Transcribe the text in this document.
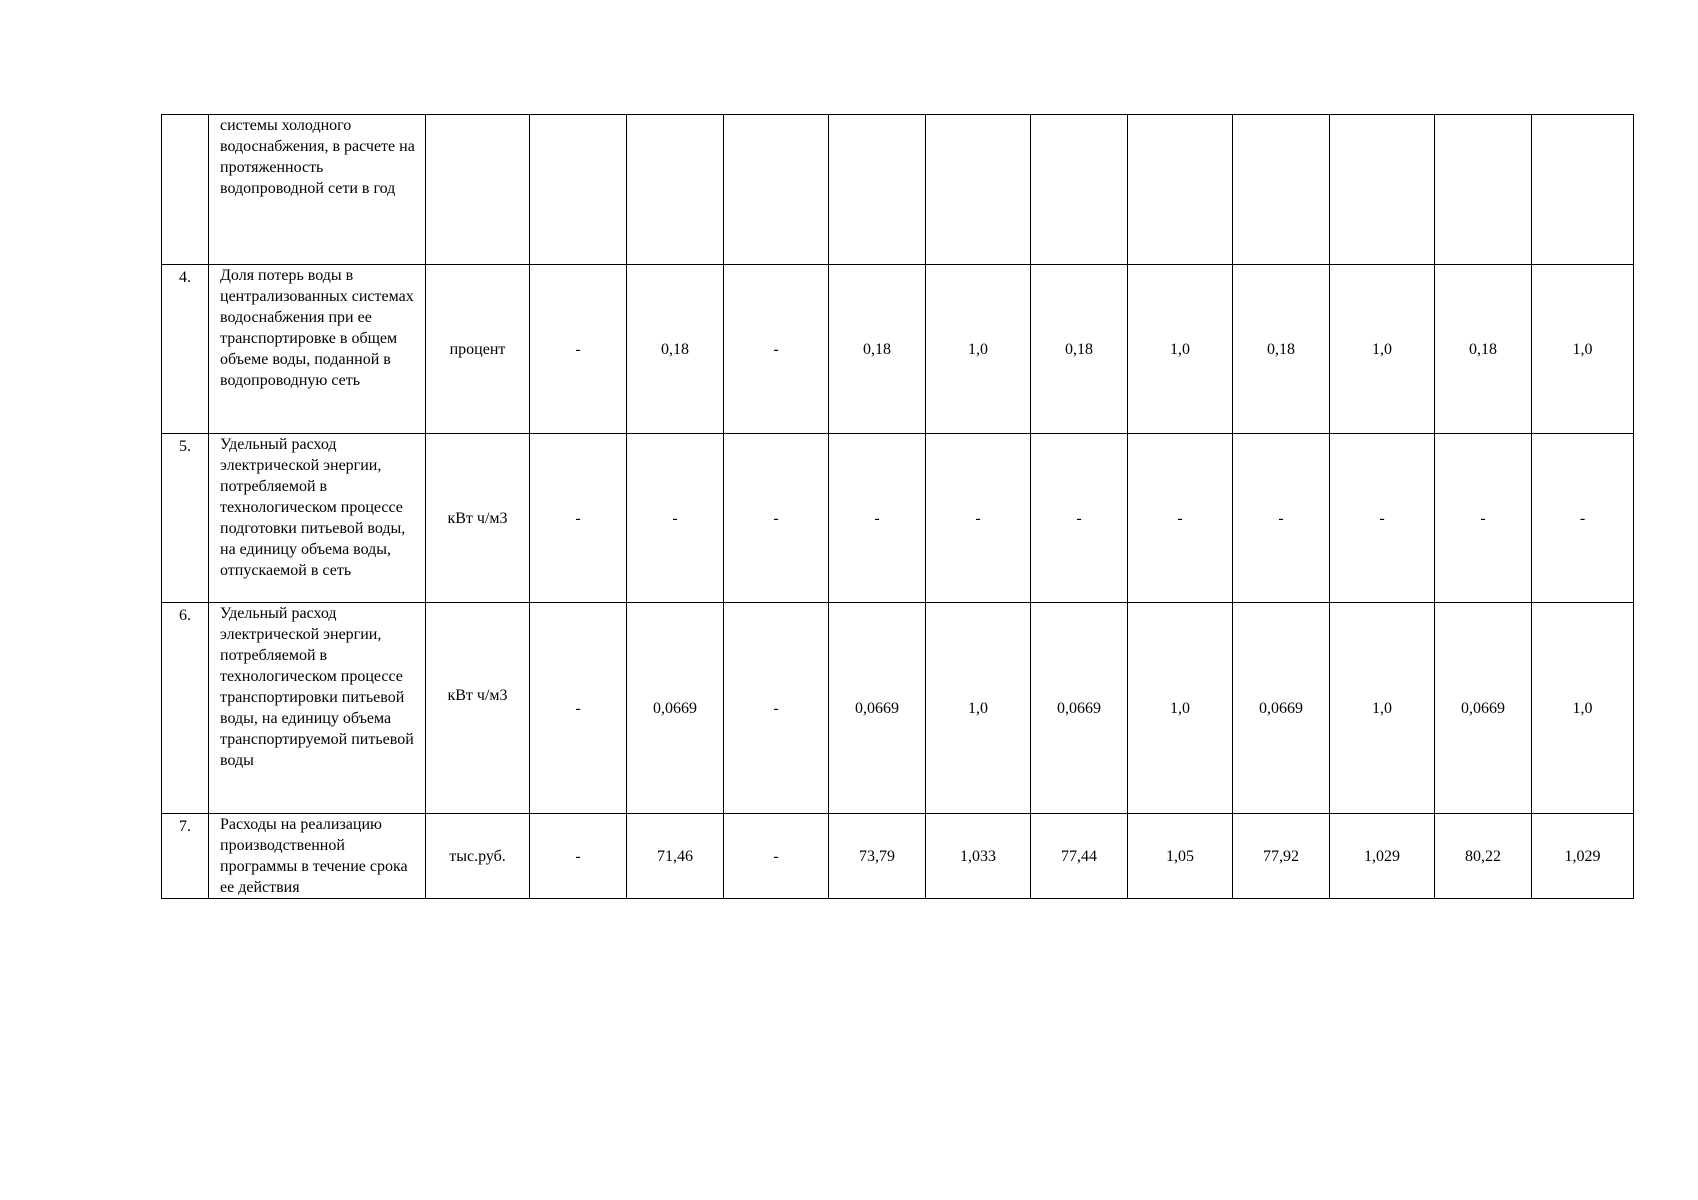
	системы холодного водоснабжения, в расчете на протяженность водопроводной сети в год												
4.	Доля потерь воды в централизованных системах водоснабжения при ее транспортировке в общем объеме воды, поданной в водопроводную сеть	процент	-	0,18	-	0,18	1,0	0,18	1,0	0,18	1,0	0,18	1,0
5.	Удельный расход электрической энергии, потребляемой в технологическом процессе подготовки питьевой воды, на единицу объема воды, отпускаемой в сеть	кВт ч/м3	-	-	-	-	-	-	-	-	-	-	-
6.	Удельный расход электрической энергии, потребляемой в технологическом процессе транспортировки питьевой воды, на единицу объема транспортируемой питьевой воды	кВт ч/м3	-	0,0669	-	0,0669	1,0	0,0669	1,0	0,0669	1,0	0,0669	1,0
7.	Расходы на реализацию производственной программы в течение срока ее действия	тыс.руб.	-	71,46	-	73,79	1,033	77,44	1,05	77,92	1,029	80,22	1,029
